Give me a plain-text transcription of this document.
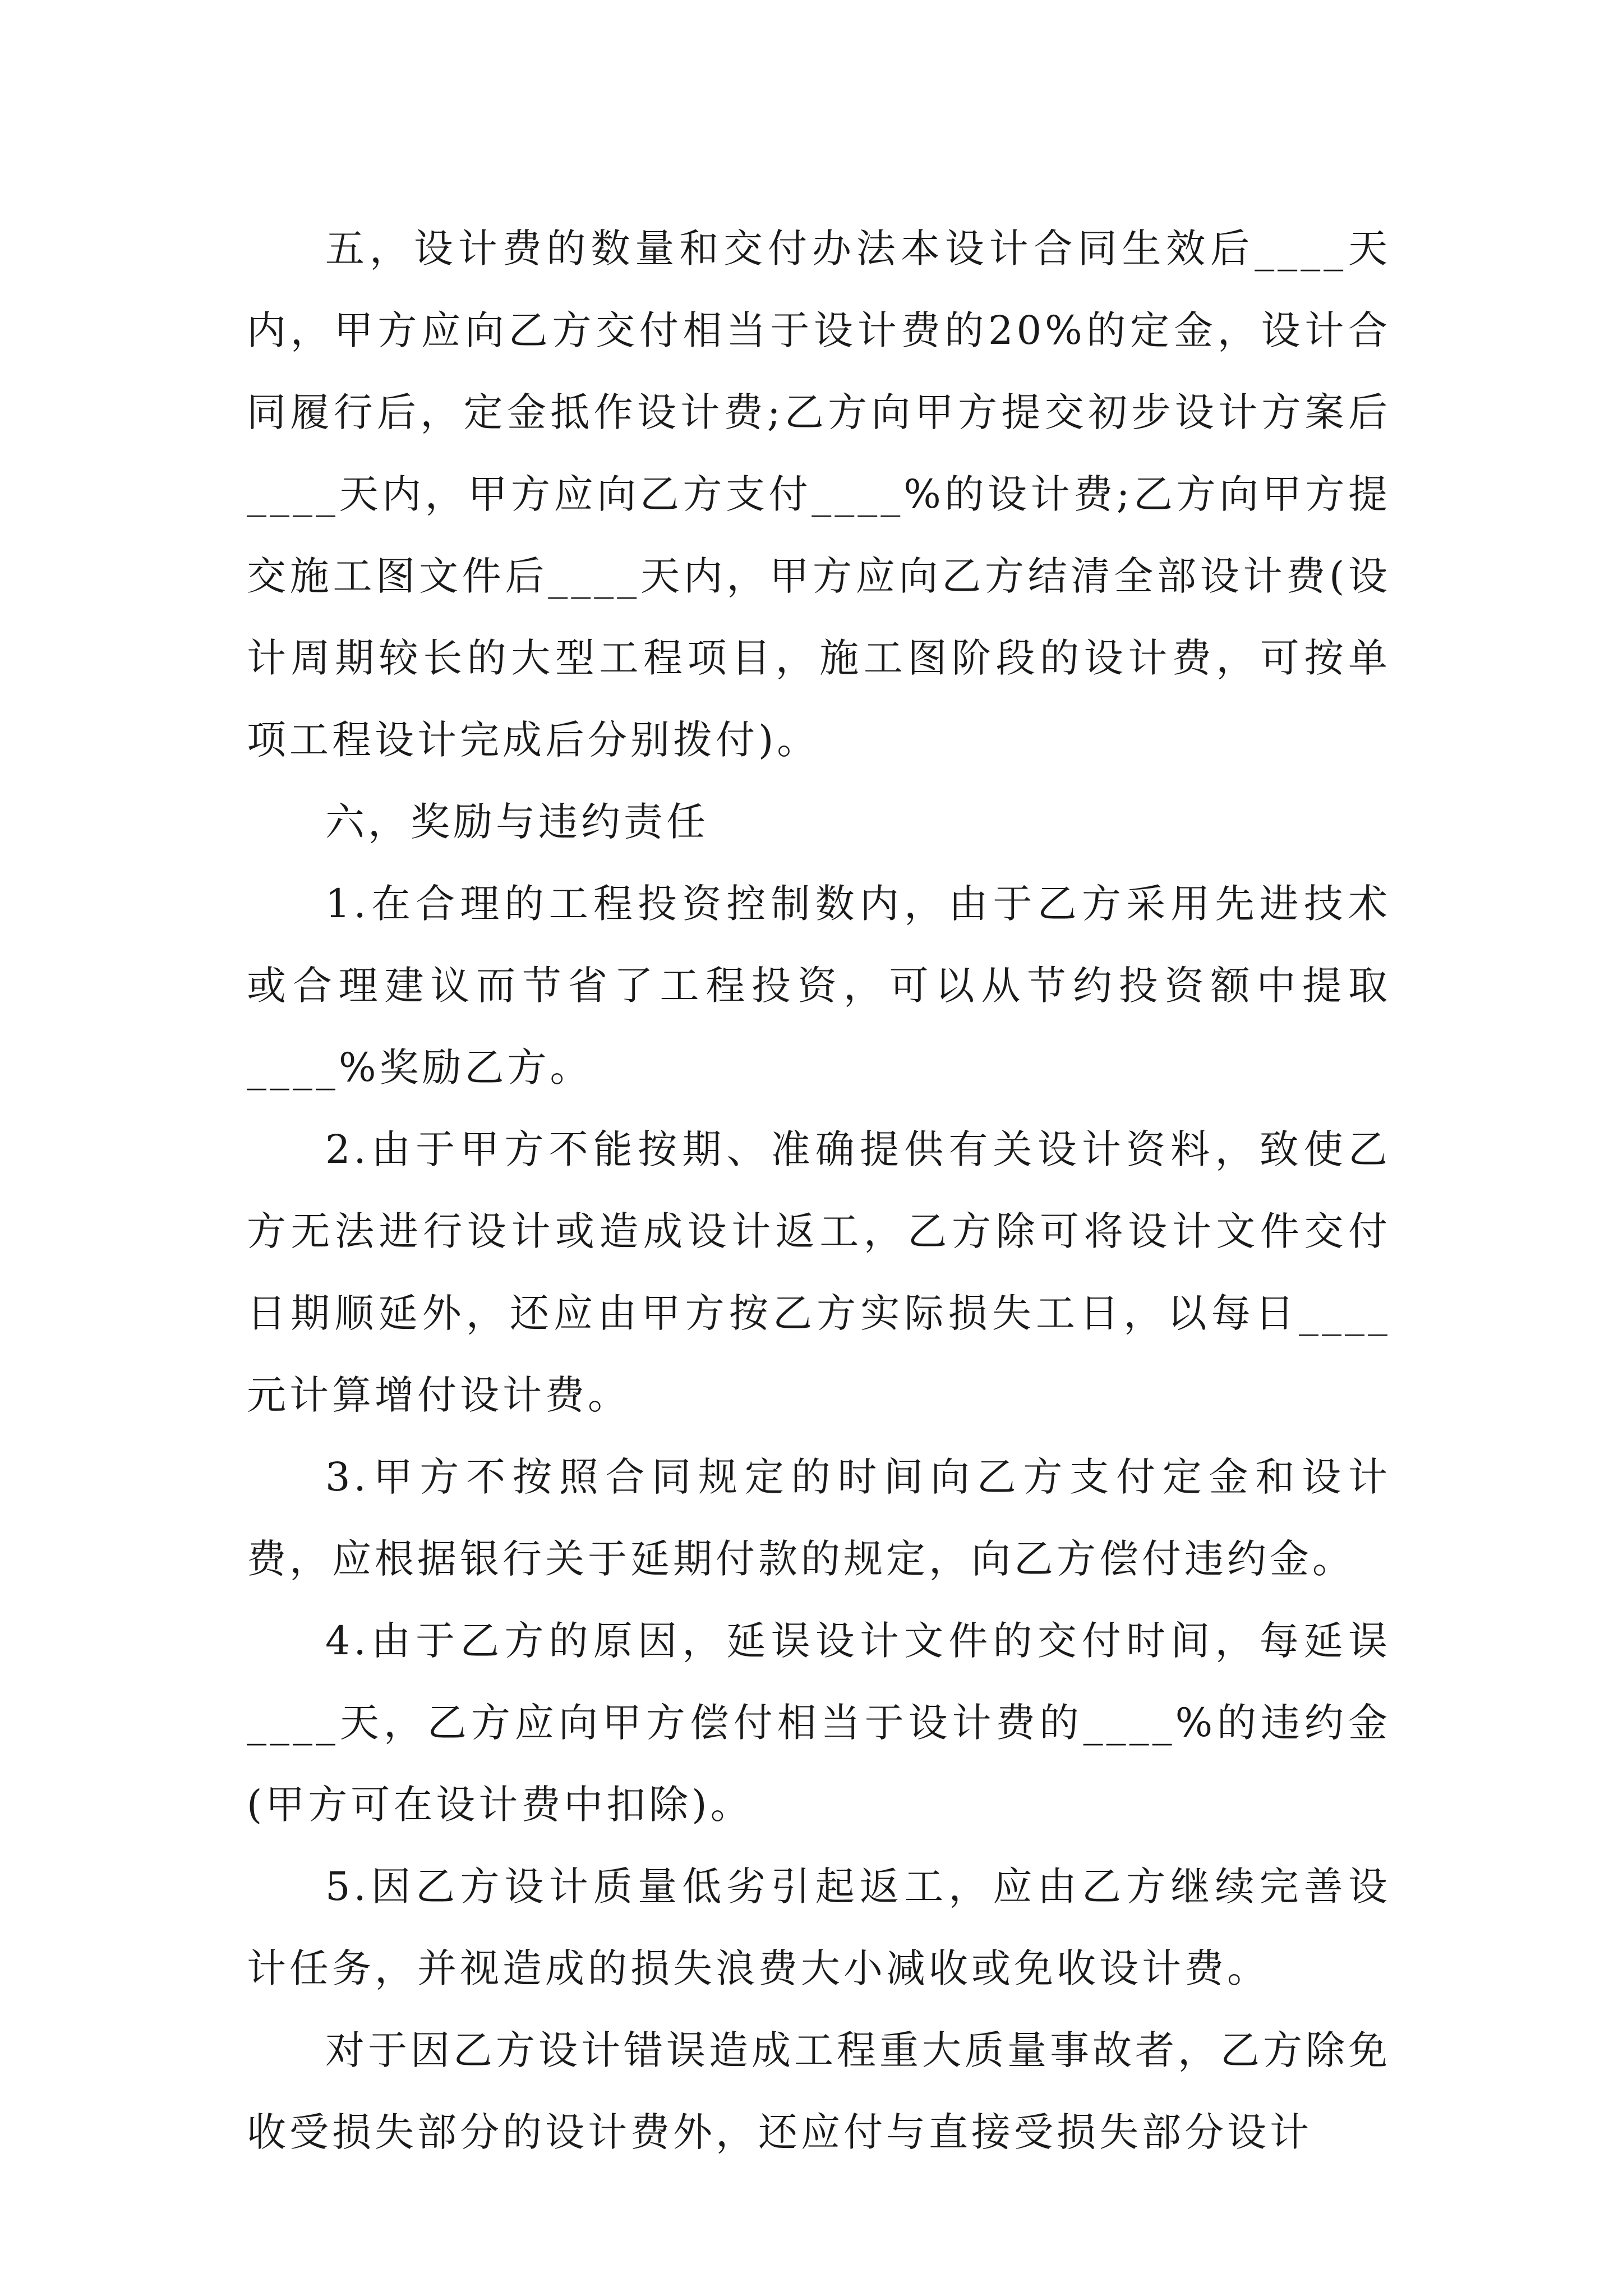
五，设计费的数量和交付办法本设计合同生效后____天内，甲方应向乙方交付相当于设计费的20%的定金，设计合同履行后，定金抵作设计费;乙方向甲方提交初步设计方案后____天内，甲方应向乙方支付____%的设计费;乙方向甲方提交施工图文件后____天内，甲方应向乙方结清全部设计费(设计周期较长的大型工程项目，施工图阶段的设计费，可按单项工程设计完成后分别拨付)。

六，奖励与违约责任

1.在合理的工程投资控制数内，由于乙方采用先进技术或合理建议而节省了工程投资，可以从节约投资额中提取____%奖励乙方。

2.由于甲方不能按期、准确提供有关设计资料，致使乙方无法进行设计或造成设计返工，乙方除可将设计文件交付日期顺延外，还应由甲方按乙方实际损失工日，以每日____元计算增付设计费。

3.甲方不按照合同规定的时间向乙方支付定金和设计费，应根据银行关于延期付款的规定，向乙方偿付违约金。

4.由于乙方的原因，延误设计文件的交付时间，每延误____天，乙方应向甲方偿付相当于设计费的____%的违约金(甲方可在设计费中扣除)。

5.因乙方设计质量低劣引起返工，应由乙方继续完善设计任务，并视造成的损失浪费大小减收或免收设计费。

对于因乙方设计错误造成工程重大质量事故者，乙方除免收受损失部分的设计费外，还应付与直接受损失部分设计
